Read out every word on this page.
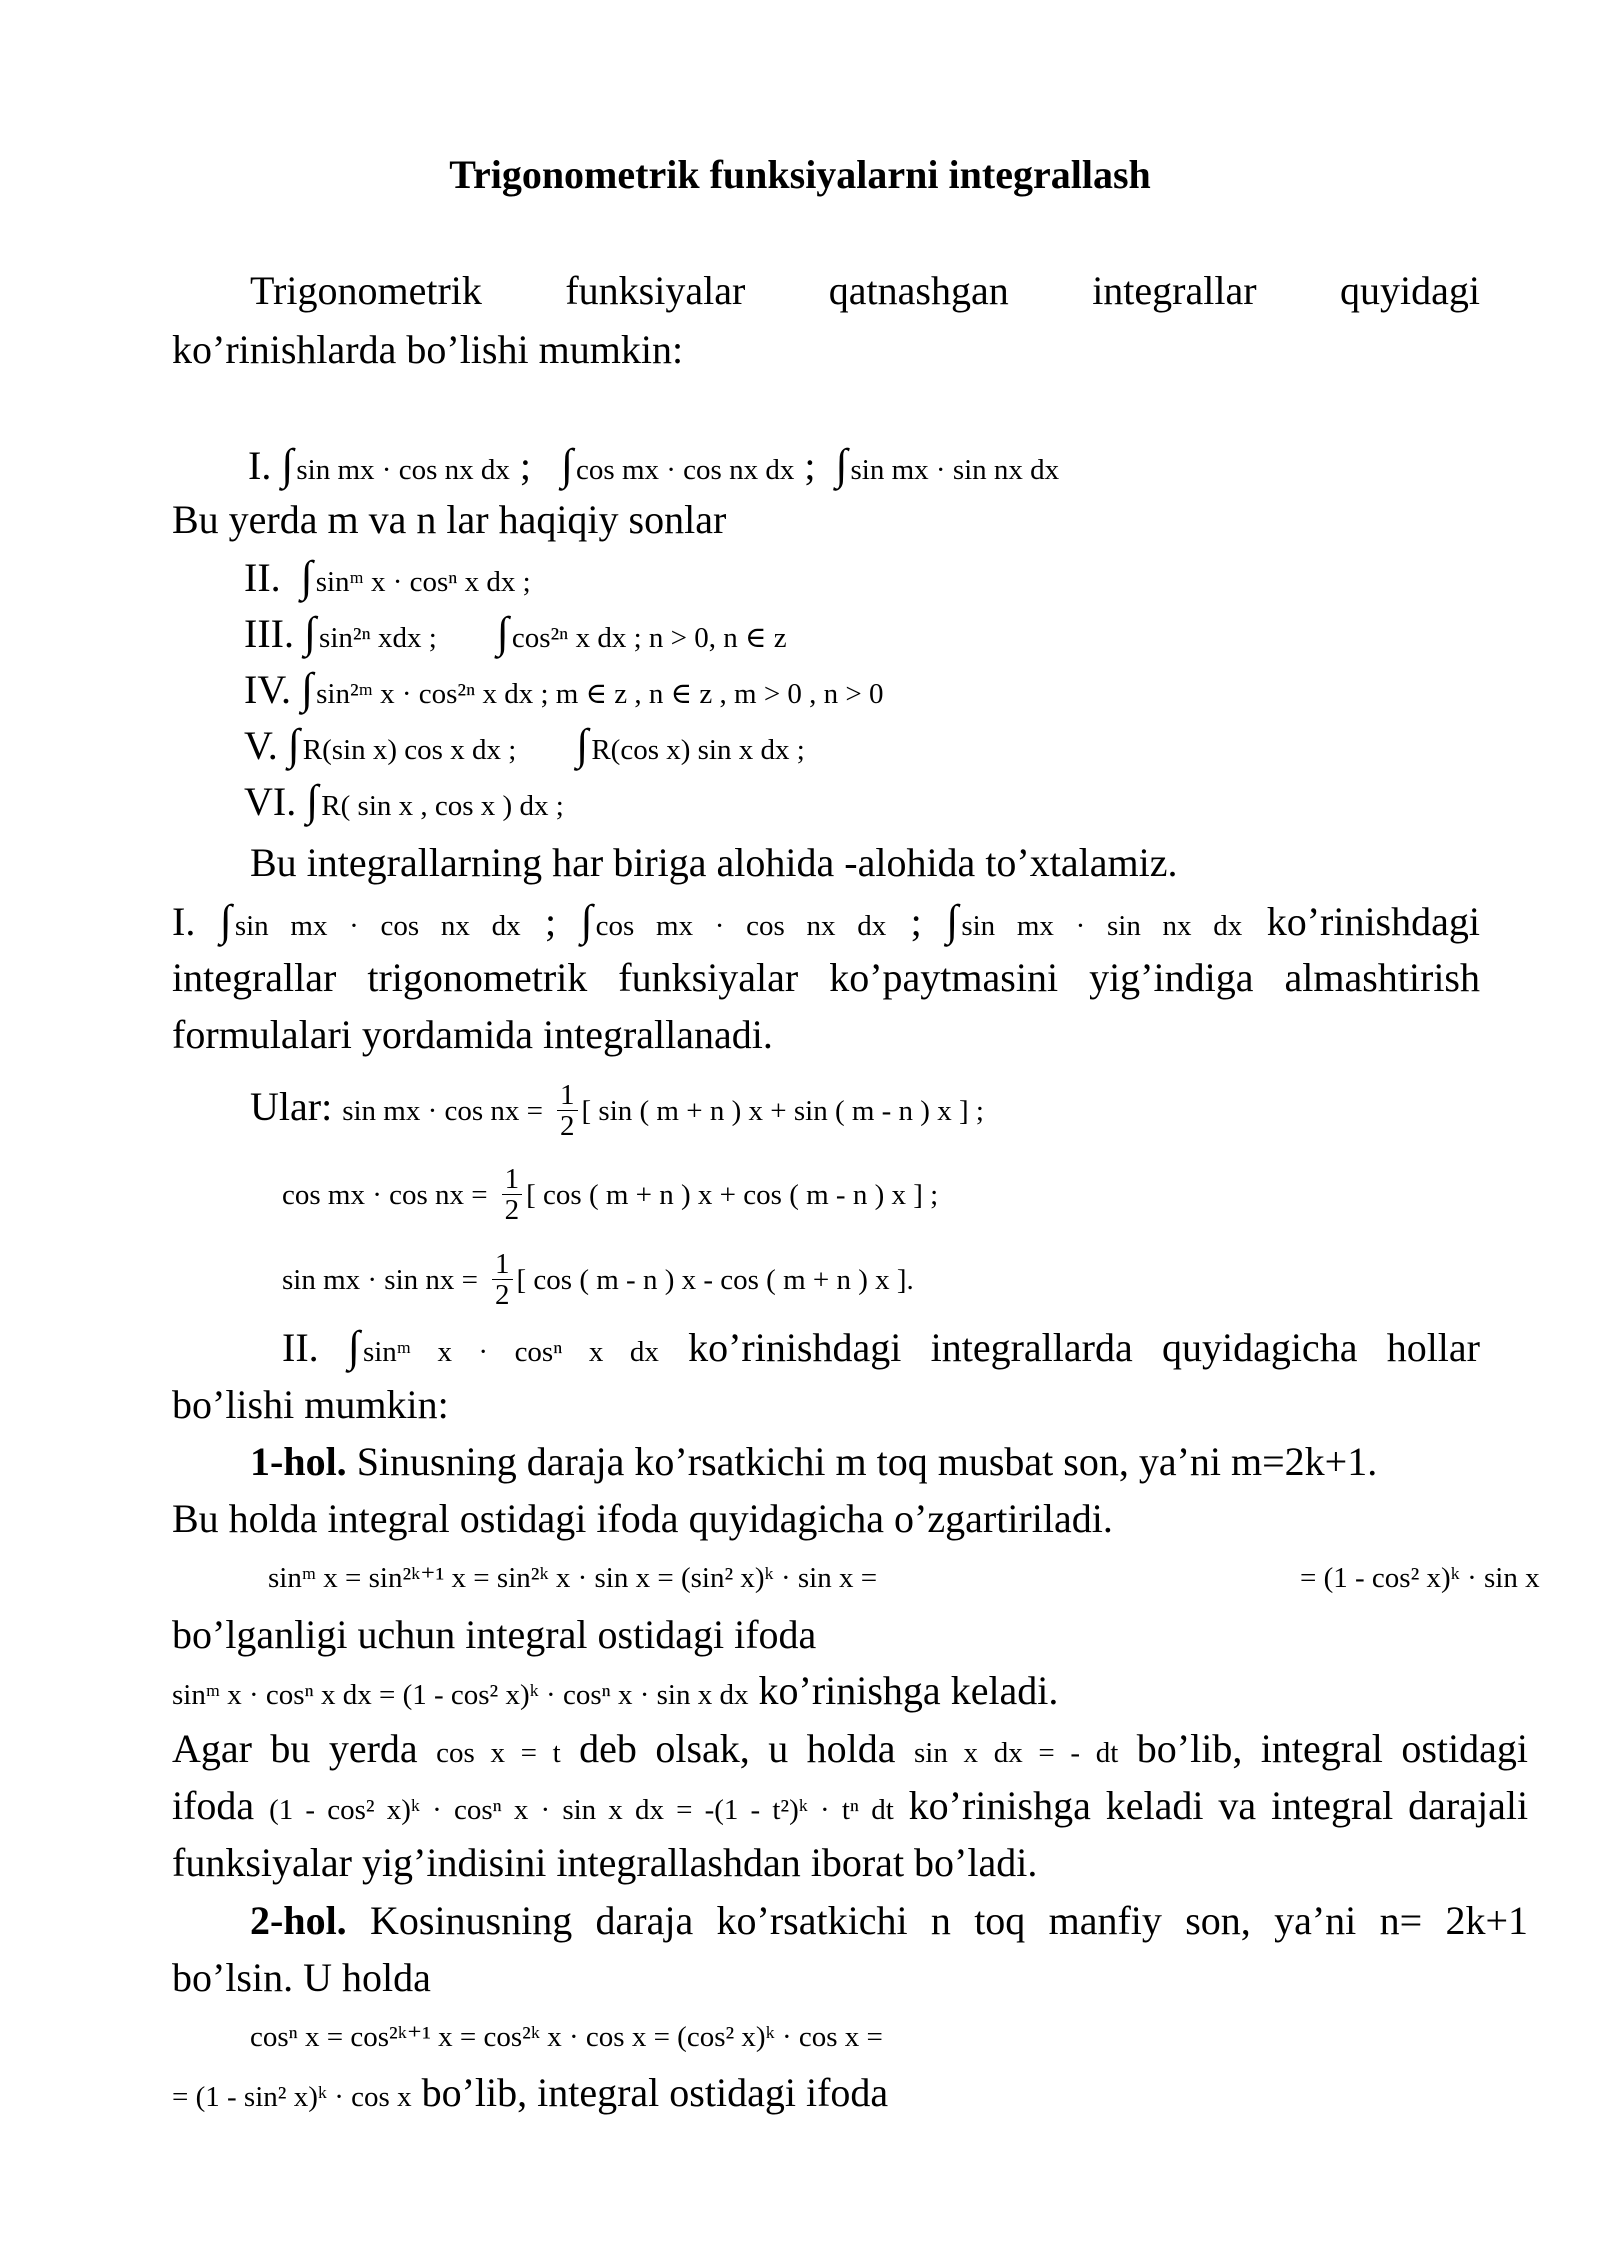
Trigonometrik funksiyalarni integrallash
Trigonometrik funksiyalar qatnashgan integrallar quyidagi
ko’rinishlarda bo’lishi mumkin:
I. ∫ sin mx · cos nx dx ; ∫ cos mx · cos nx dx ; ∫ sin mx · sin nx dx
Bu yerda m va n lar haqiqiy sonlar
II. ∫ sinᵐ x · cosⁿ x dx ;
III. ∫ sin²ⁿ xdx ; ∫ cos²ⁿ x dx ; n > 0, n ∈ z
IV. ∫ sin²ᵐ x · cos²ⁿ x dx ; m ∈ z , n ∈ z , m > 0 , n > 0
V. ∫ R(sin x) cos x dx ; ∫ R(cos x) sin x dx ;
VI. ∫ R( sin x , cos x ) dx ;
Bu integrallarning har biriga alohida -alohida to’xtalamiz.
I. ∫ sin mx · cos nx dx ; ∫ cos mx · cos nx dx ; ∫ sin mx · sin nx dx ko’rinishdagi
integrallar trigonometrik funksiyalar ko’paytmasini yig’indiga almashtirish
formulalari yordamida integrallanadi.
Ular: sin mx · cos nx = $\frac{1}{2}$ [ sin ( m + n ) x + sin ( m - n ) x ] ;
cos mx · cos nx = $\frac{1}{2}$ [ cos ( m + n ) x + cos ( m - n ) x ] ;
sin mx · sin nx = $\frac{1}{2}$ [ cos ( m - n ) x - cos ( m + n ) x ].
II. ∫ sinᵐ x · cosⁿ x dx ko’rinishdagi integrallarda quyidagicha hollar
bo’lishi mumkin:
1-hol. Sinusning daraja ko’rsatkichi m toq musbat son, ya’ni m=2k+1.
Bu holda integral ostidagi ifoda quyidagicha o’zgartiriladi.
sinᵐ x = sin²ᵏ⁺¹ x = sin²ᵏ x · sin x = (sin² x)ᵏ · sin x =	= (1 - cos² x)ᵏ · sin x
bo’lganligi uchun integral ostidagi ifoda
sinᵐ x · cosⁿ x dx = (1 - cos² x)ᵏ · cosⁿ x · sin x dx ko’rinishga keladi.
Agar bu yerda cos x = t deb olsak, u holda sin x dx = - dt bo’lib, integral ostidagi
ifoda (1 - cos² x)ᵏ · cosⁿ x · sin x dx = -(1 - t²)ᵏ · tⁿ dt ko’rinishga keladi va integral darajali
funksiyalar yig’indisini integrallashdan iborat bo’ladi.
2-hol. Kosinusning daraja ko’rsatkichi n toq manfiy son, ya’ni n= 2k+1
bo’lsin. U holda
cosⁿ x = cos²ᵏ⁺¹ x = cos²ᵏ x · cos x = (cos² x)ᵏ · cos x =
= (1 - sin² x)ᵏ · cos x bo’lib, integral ostidagi ifoda
